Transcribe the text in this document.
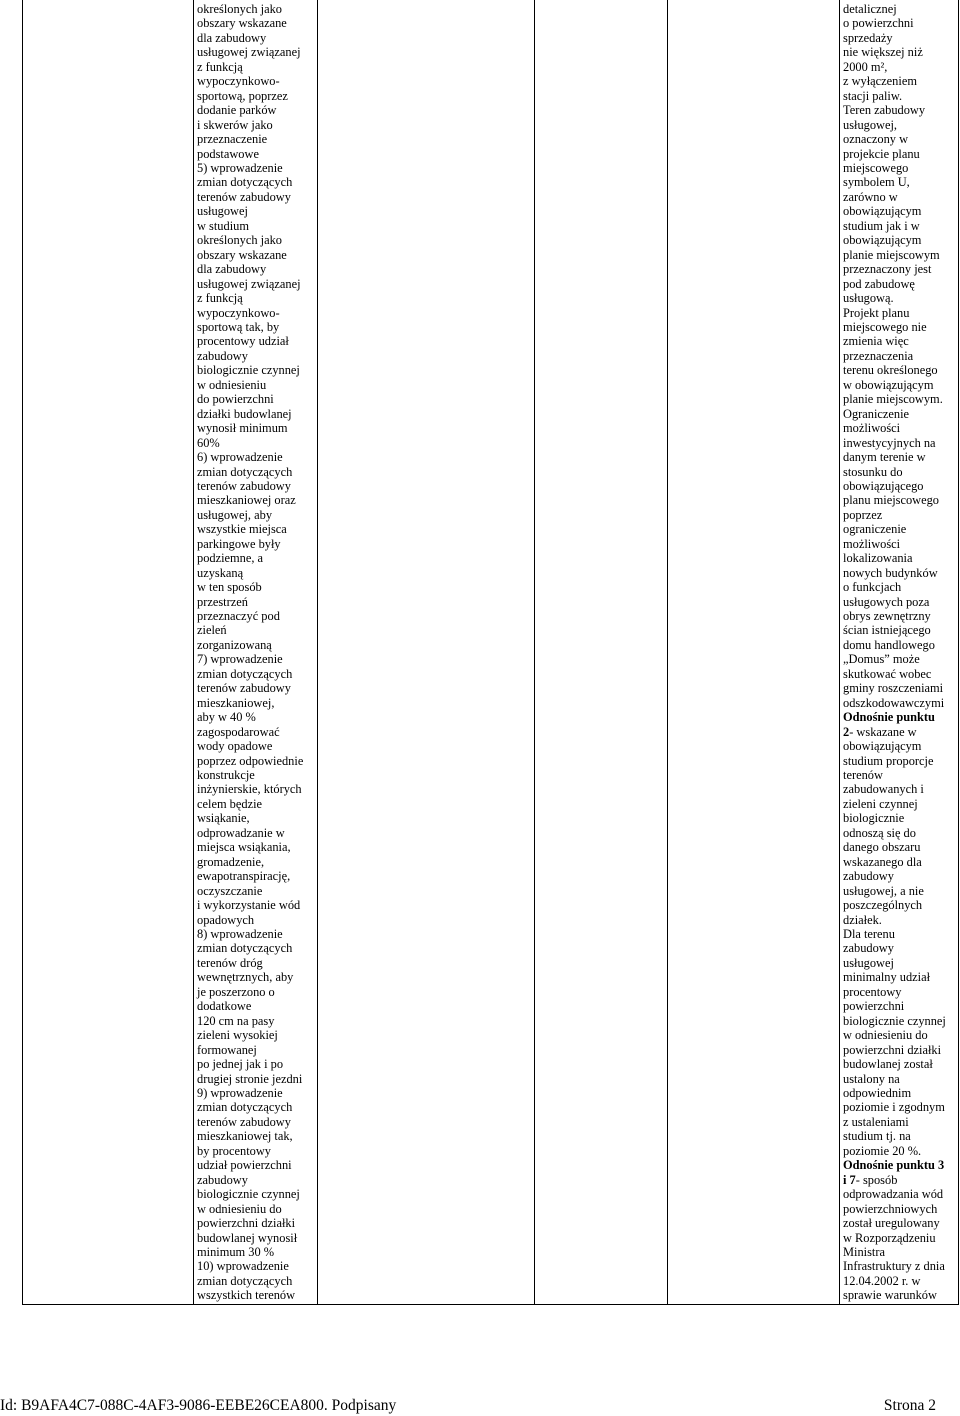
określonych jako
obszary wskazane
dla zabudowy
usługowej związanej
z funkcją
wypoczynkowo-
sportową, poprzez
dodanie parków
i skwerów jako
przeznaczenie
podstawowe
5) wprowadzenie
zmian dotyczących
terenów zabudowy
usługowej
w studium
określonych jako
obszary wskazane
dla zabudowy
usługowej związanej
z funkcją
wypoczynkowo-
sportową tak, by
procentowy udział
zabudowy
biologicznie czynnej
w odniesieniu
do powierzchni
działki budowlanej
wynosił minimum
60%
6) wprowadzenie
zmian dotyczących
terenów zabudowy
mieszkaniowej oraz
usługowej, aby
wszystkie miejsca
parkingowe były
podziemne, a
uzyskaną
w ten sposób
przestrzeń
przeznaczyć pod
zieleń
zorganizowaną
7) wprowadzenie
zmian dotyczących
terenów zabudowy
mieszkaniowej,
aby w 40 %
zagospodarować
wody opadowe
poprzez odpowiednie
konstrukcje
inżynierskie, których
celem będzie
wsiąkanie,
odprowadzanie w
miejsca wsiąkania,
gromadzenie,
ewapotranspirację,
oczyszczanie
i wykorzystanie wód
opadowych
8) wprowadzenie
zmian dotyczących
terenów dróg
wewnętrznych, aby
je poszerzono o
dodatkowe
120 cm na pasy
zieleni wysokiej
formowanej
po jednej jak i po
drugiej stronie jezdni
9) wprowadzenie
zmian dotyczących
terenów zabudowy
mieszkaniowej tak,
by procentowy
udział powierzchni
zabudowy
biologicznie czynnej
w odniesieniu do
powierzchni działki
budowlanej wynosił
minimum 30 %
10) wprowadzenie
zmian dotyczących
wszystkich terenów
detalicznej
o powierzchni
sprzedaży
nie większej niż
2000 m²,
z wyłączeniem
stacji paliw.
Teren zabudowy
usługowej,
oznaczony w
projekcie planu
miejscowego
symbolem U,
zarówno w
obowiązującym
studium jak i w
obowiązującym
planie miejscowym
przeznaczony jest
pod zabudowę
usługową.
Projekt planu
miejscowego nie
zmienia więc
przeznaczenia
terenu określonego
w obowiązującym
planie miejscowym.
Ograniczenie
możliwości
inwestycyjnych na
danym terenie w
stosunku do
obowiązującego
planu miejscowego
poprzez
ograniczenie
możliwości
lokalizowania
nowych budynków
o funkcjach
usługowych poza
obrys zewnętrzny
ścian istniejącego
domu handlowego
„Domus” może
skutkować wobec
gminy roszczeniami
odszkodowawczymi
Odnośnie punktu
2- wskazane w
obowiązującym
studium proporcje
terenów
zabudowanych i
zieleni czynnej
biologicznie
odnoszą się do
danego obszaru
wskazanego dla
zabudowy
usługowej, a nie
poszczególnych
działek.
Dla terenu
zabudowy
usługowej
minimalny udział
procentowy
powierzchni
biologicznie czynnej
w odniesieniu do
powierzchni działki
budowlanej został
ustalony na
odpowiednim
poziomie i zgodnym
z ustaleniami
studium tj. na
poziomie 20 %.
Odnośnie punktu 3
i 7- sposób
odprowadzania wód
powierzchniowych
został uregulowany
w Rozporządzeniu
Ministra
Infrastruktury z dnia
12.04.2002 r. w
sprawie warunków
Id: B9AFA4C7-088C-4AF3-9086-EEBE26CEA800. Podpisany	Strona 2
